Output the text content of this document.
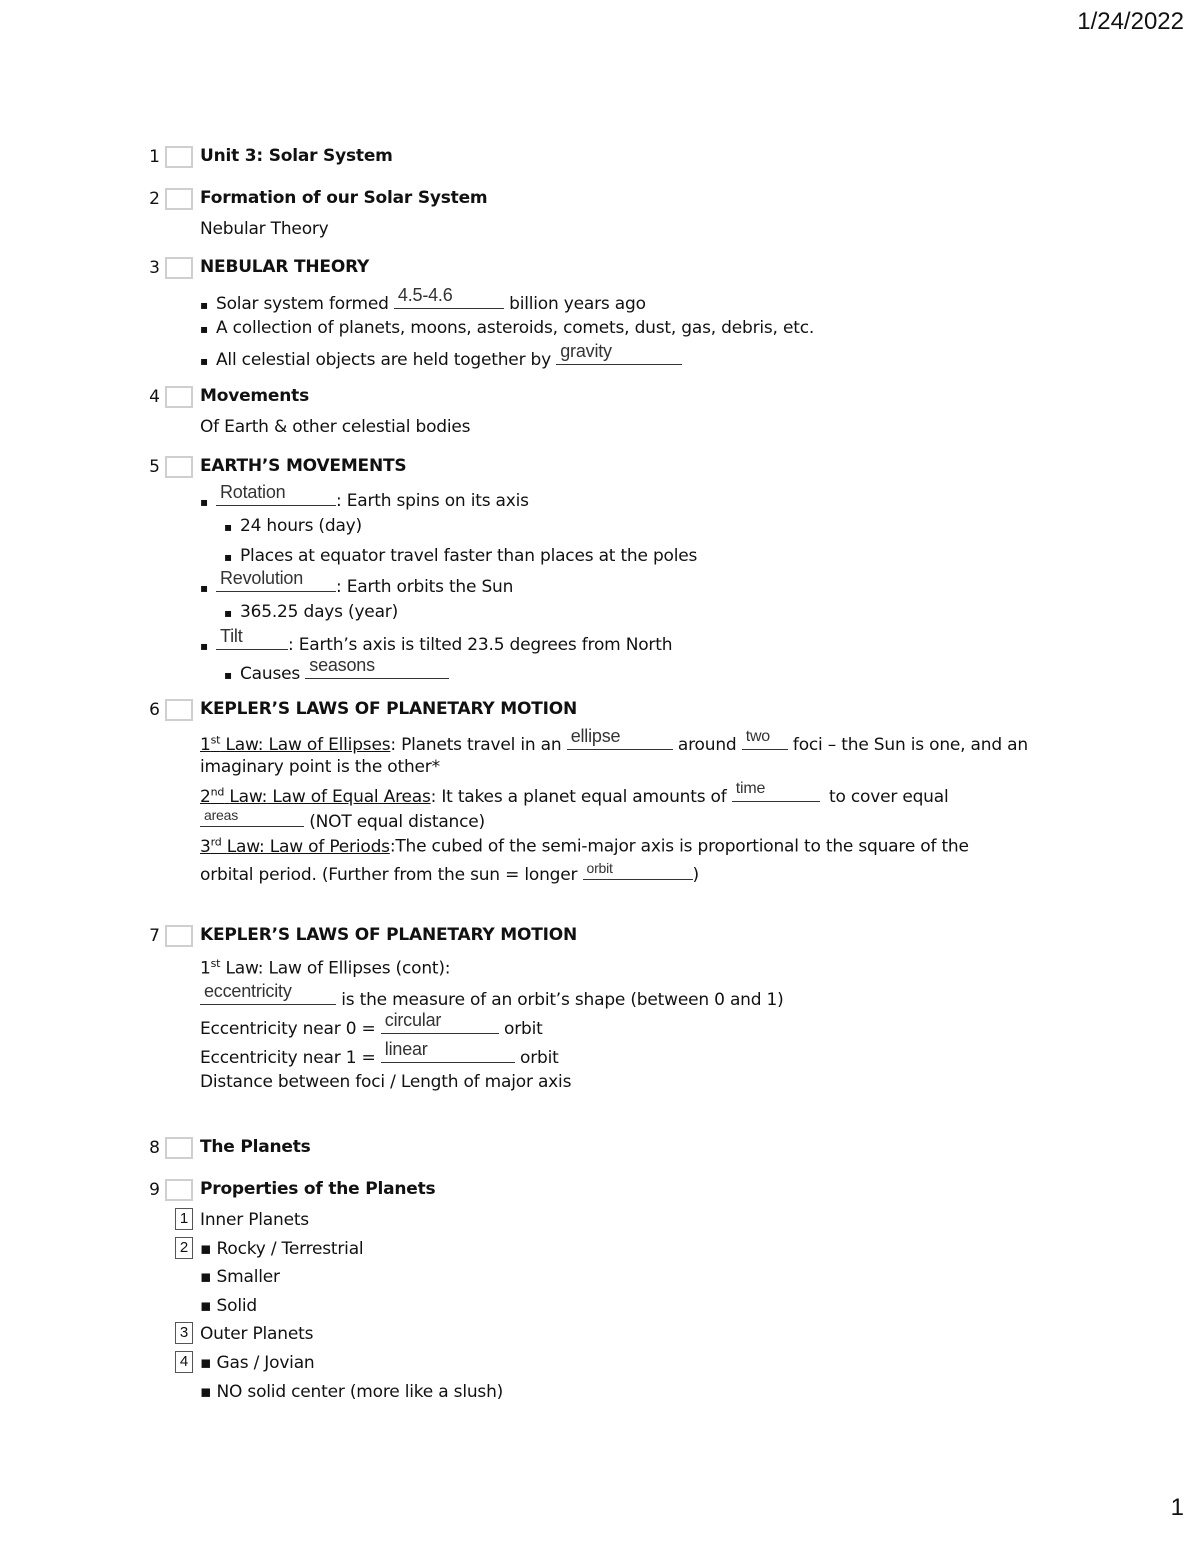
1/24/2022
1 Unit 3: Solar System
2 Formation of our Solar System
Nebular Theory
3 NEBULAR THEORY
▪ Solar system formed 4.5-4.6	billion years ago
▪ A collection of planets, moons, asteroids, comets, dust, gas, debris, etc.
▪ All celestial objects are held together by gravity
4 Movements
Of Earth & other celestial bodies
5 EARTH’S MOVEMENTS
▪ Rotation	: Earth spins on its axis
▪ 24 hours (day)
▪ Places at equator travel faster than places at the poles
▪ Revolution : Earth orbits the Sun
▪ 365.25 days (year)
▪ Tilt	: Earth’s axis is tilted 23.5 degrees from North
▪ Causes seasons
6 KEPLER’S LAWS OF PLANETARY MOTION
1st Law: Law of Ellipses: Planets travel in an ellipse	around two foci – the Sun is one, and an
imaginary point is the other*
2nd Law: Law of Equal Areas: It takes a planet equal amounts of time	to cover equal
areas	(NOT equal distance)
3rd Law: Law of Periods:The cubed of the semi-major axis is proportional to the square of the
orbital period. (Further from the sun = longer orbit	)
7 KEPLER’S LAWS OF PLANETARY MOTION
1st Law: Law of Ellipses (cont):
eccentricity	is the measure of an orbit’s shape (between 0 and 1)
Eccentricity near 0 = circular	orbit
Eccentricity near 1 = linear	orbit
Distance between foci / Length of major axis
8 The Planets
9 Properties of the Planets
1 Inner Planets
2 ▪ Rocky / Terrestrial
▪ Smaller
▪ Solid
3 Outer Planets
4 ▪ Gas / Jovian
▪ NO solid center (more like a slush)
1
